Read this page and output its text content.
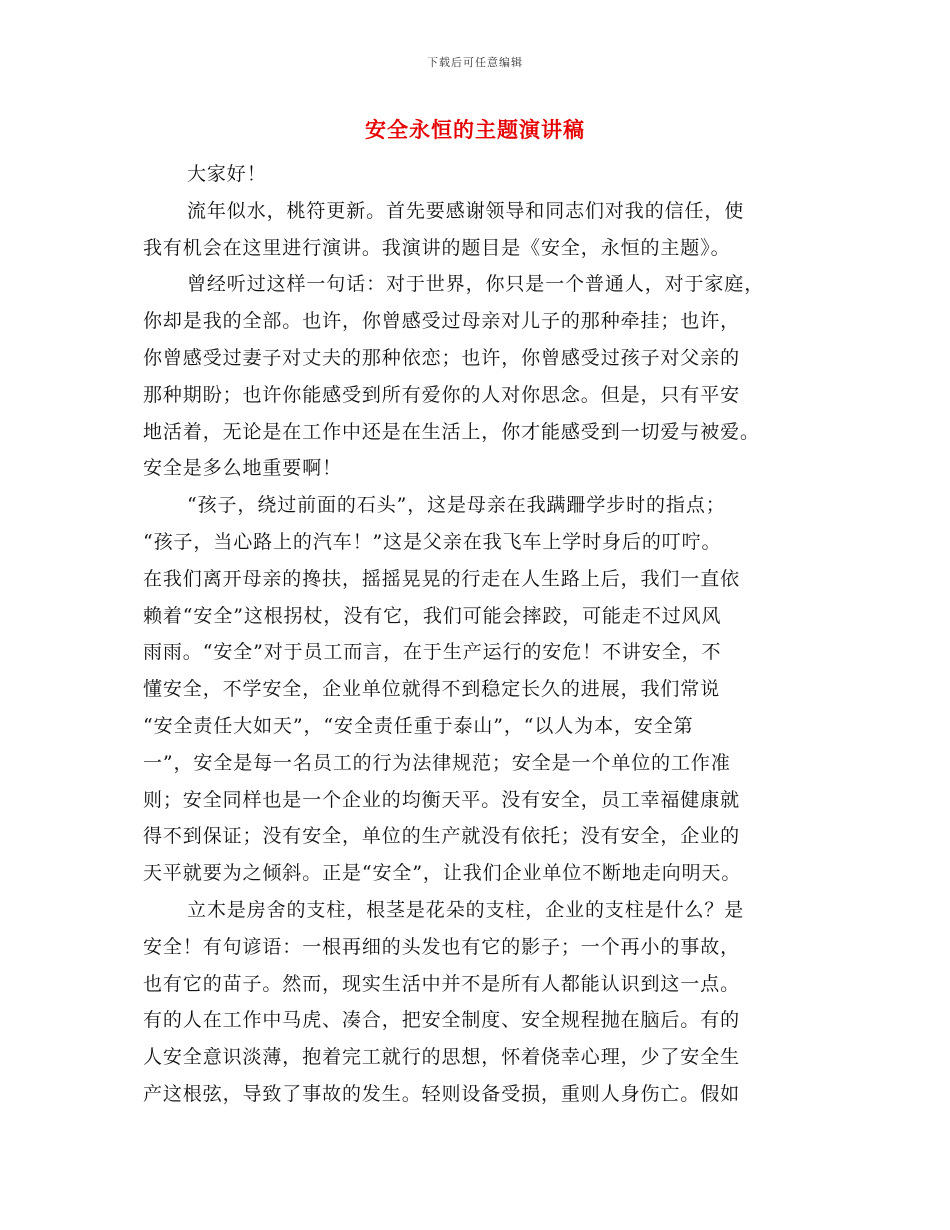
下载后可任意编辑
安全永恒的主题演讲稿
大家好！
流年似水，桃符更新。首先要感谢领导和同志们对我的信任，使
我有机会在这里进行演讲。我演讲的题目是《安全，永恒的主题》。
曾经听过这样一句话：对于世界，你只是一个普通人，对于家庭，
你却是我的全部。也许，你曾感受过母亲对儿子的那种牵挂；也许，
你曾感受过妻子对丈夫的那种依恋；也许，你曾感受过孩子对父亲的
那种期盼；也许你能感受到所有爱你的人对你思念。但是，只有平安
地活着，无论是在工作中还是在生活上，你才能感受到一切爱与被爱。
安全是多么地重要啊！
“孩子，绕过前面的石头”，这是母亲在我蹒跚学步时的指点；
“孩子，当心路上的汽车！”这是父亲在我飞车上学时身后的叮咛。
在我们离开母亲的搀扶，摇摇晃晃的行走在人生路上后，我们一直依
赖着“安全”这根拐杖，没有它，我们可能会摔跤，可能走不过风风
雨雨。“安全”对于员工而言，在于生产运行的安危！不讲安全，不
懂安全，不学安全，企业单位就得不到稳定长久的进展，我们常说
“安全责任大如天”，“安全责任重于泰山”，“以人为本，安全第
一”，安全是每一名员工的行为法律规范；安全是一个单位的工作准
则；安全同样也是一个企业的均衡天平。没有安全，员工幸福健康就
得不到保证；没有安全，单位的生产就没有依托；没有安全，企业的
天平就要为之倾斜。正是“安全”，让我们企业单位不断地走向明天。
立木是房舍的支柱，根茎是花朵的支柱，企业的支柱是什么？是
安全！有句谚语：一根再细的头发也有它的影子；一个再小的事故，
也有它的苗子。然而，现实生活中并不是所有人都能认识到这一点。
有的人在工作中马虎、凑合，把安全制度、安全规程抛在脑后。有的
人安全意识淡薄，抱着完工就行的思想，怀着侥幸心理，少了安全生
产这根弦，导致了事故的发生。轻则设备受损，重则人身伤亡。假如
